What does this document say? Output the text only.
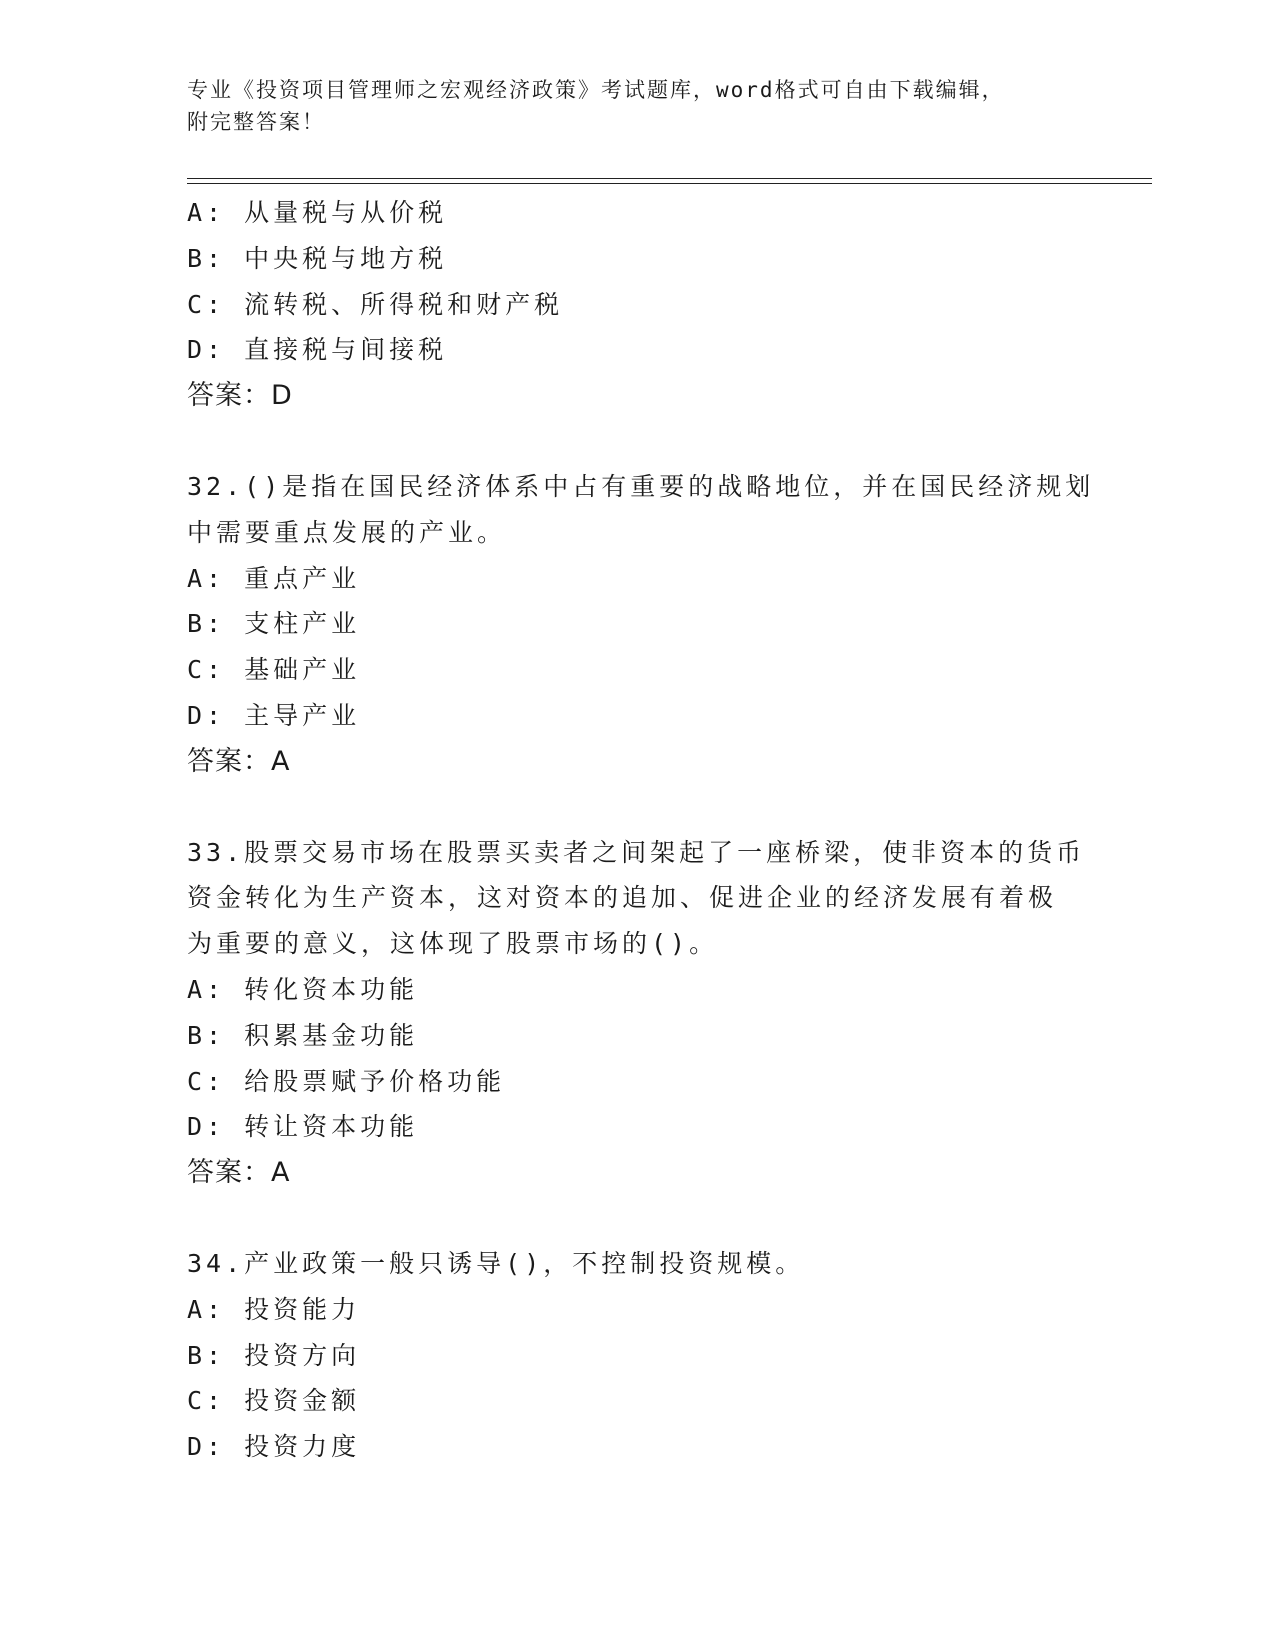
专业《投资项目管理师之宏观经济政策》考试题库，word格式可自由下载编辑，
附完整答案！
A: 从量税与从价税
B: 中央税与地方税
C: 流转税、所得税和财产税
D: 直接税与间接税
答案：D
32.()是指在国民经济体系中占有重要的战略地位，并在国民经济规划
中需要重点发展的产业。
A: 重点产业
B: 支柱产业
C: 基础产业
D: 主导产业
答案：A
33.股票交易市场在股票买卖者之间架起了一座桥梁，使非资本的货币
资金转化为生产资本，这对资本的追加、促进企业的经济发展有着极
为重要的意义，这体现了股票市场的()。
A: 转化资本功能
B: 积累基金功能
C: 给股票赋予价格功能
D: 转让资本功能
答案：A
34.产业政策一般只诱导()，不控制投资规模。
A: 投资能力
B: 投资方向
C: 投资金额
D: 投资力度
